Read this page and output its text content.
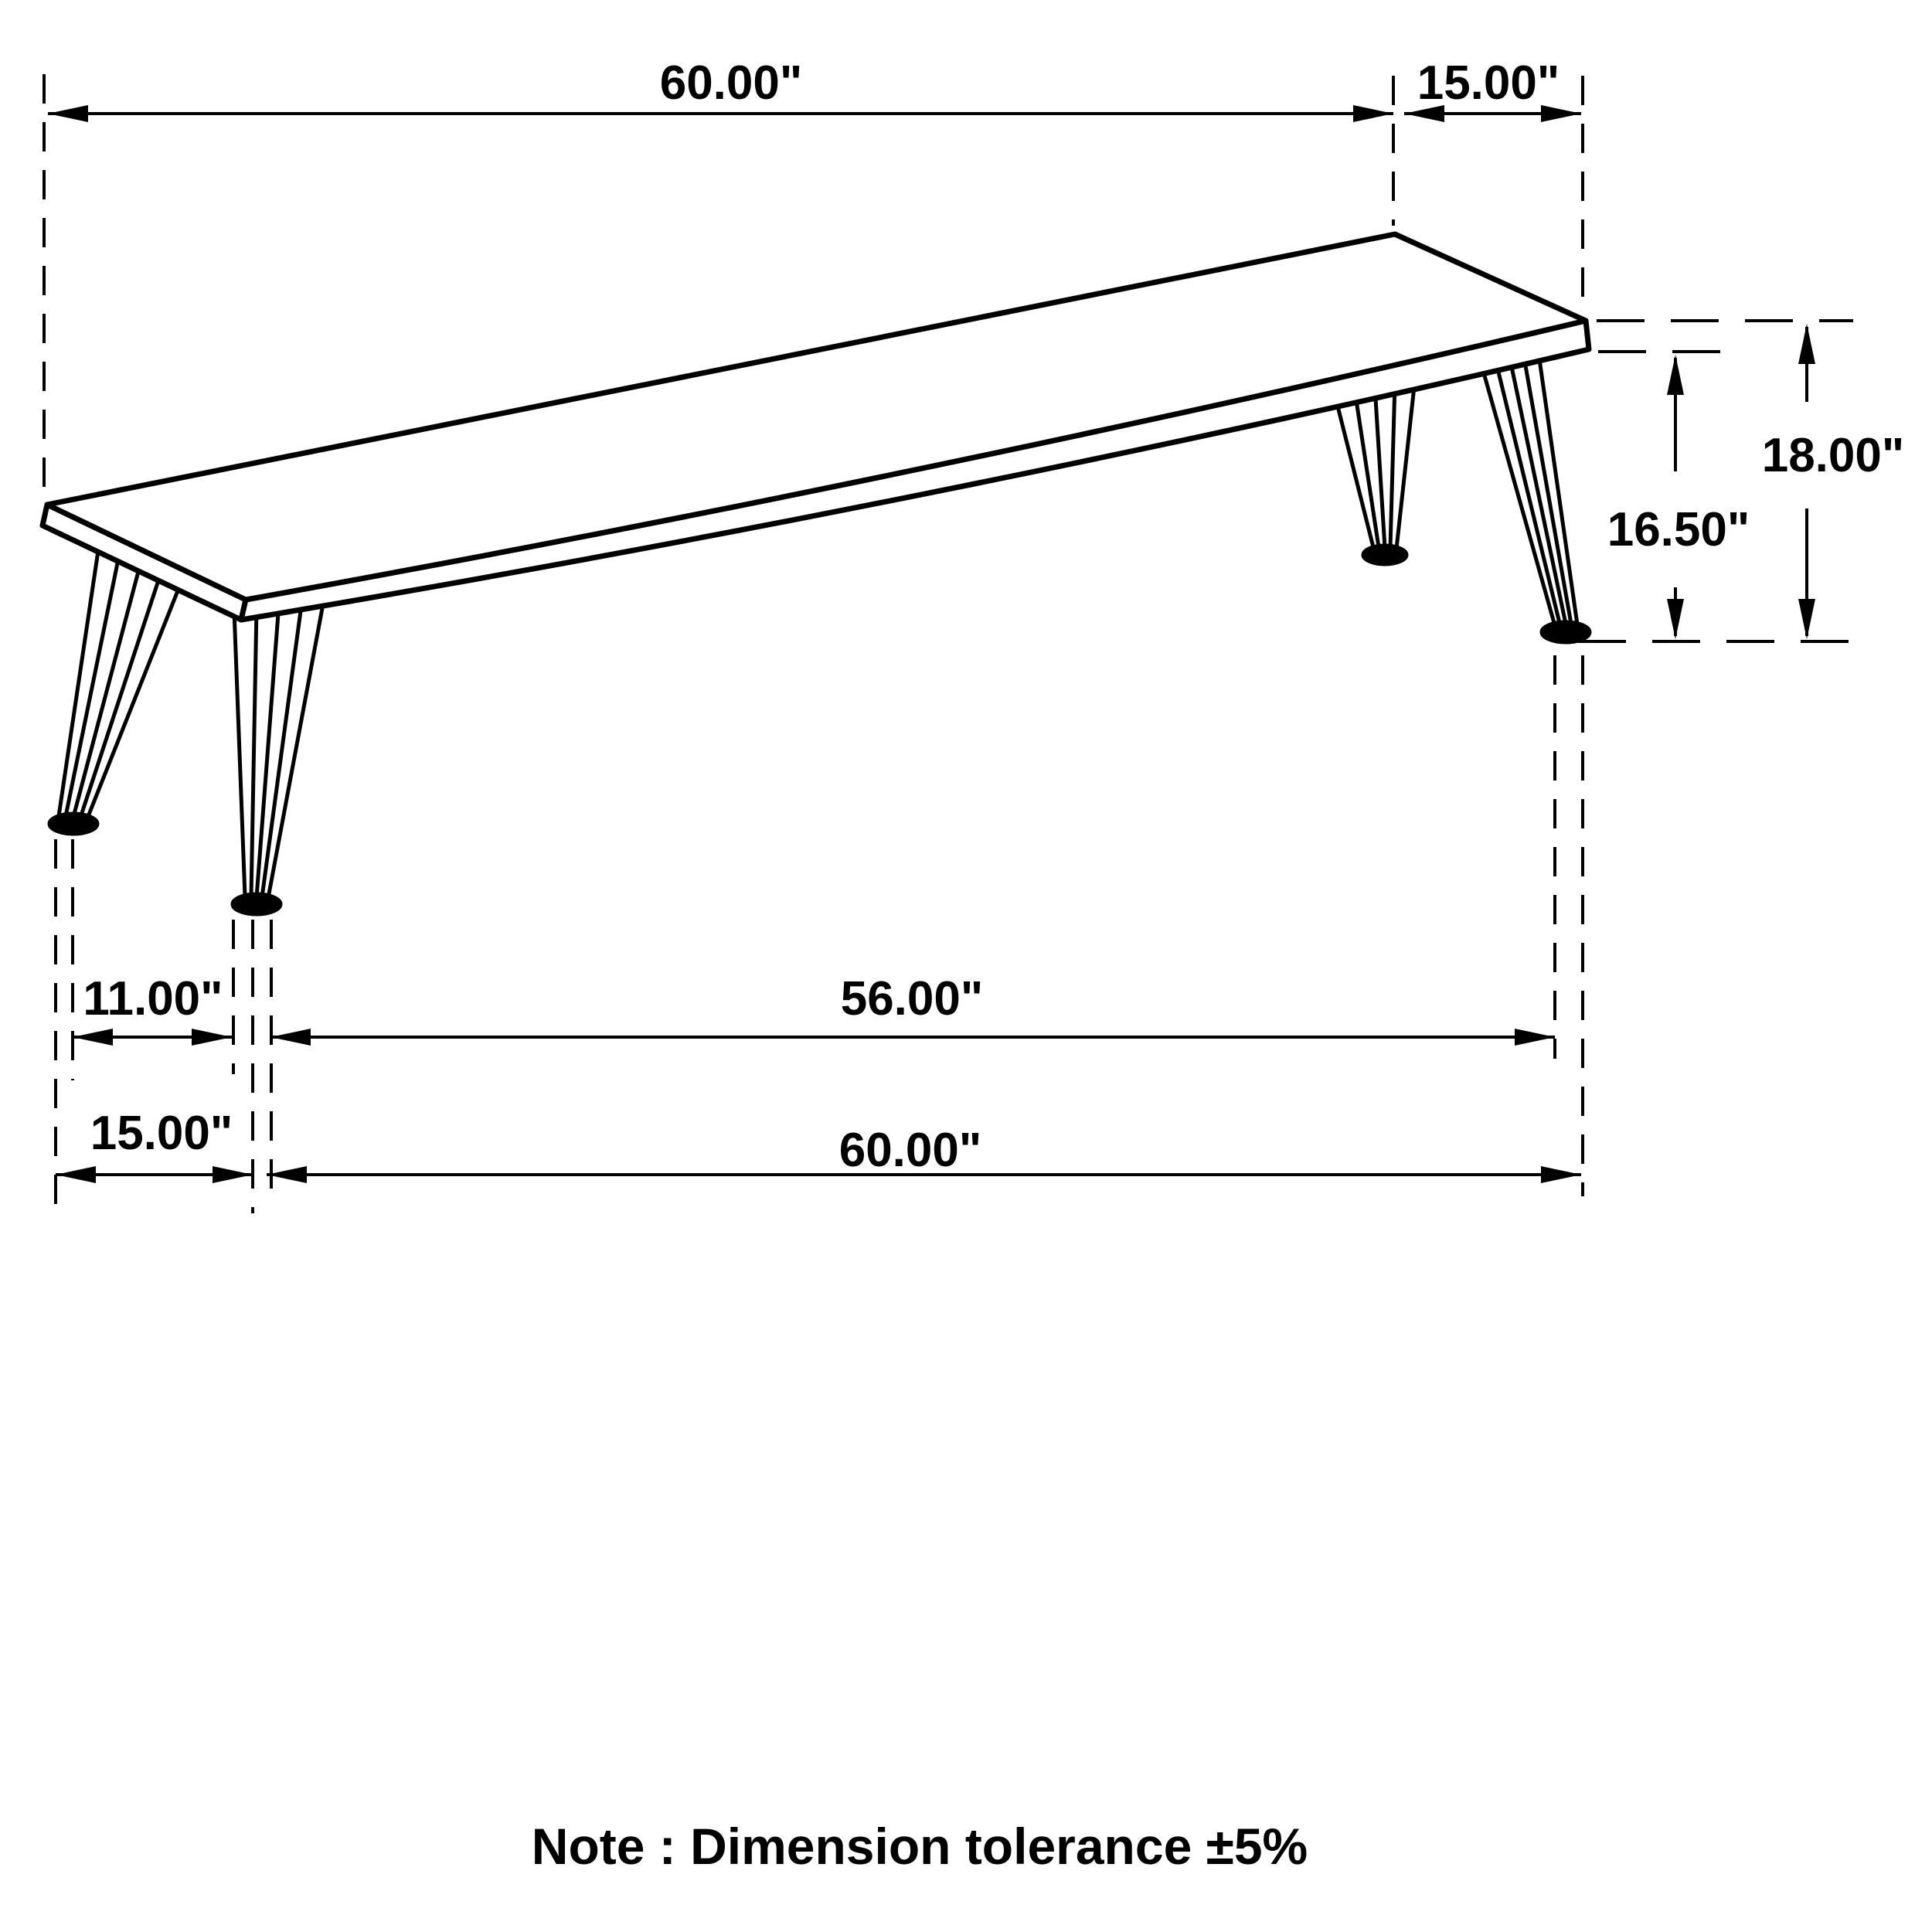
60.00"	15.00"
18.00"
16.50"
11.00"	56.00"
15.00"	60.00"
Note : Dimension tolerance ±5%
